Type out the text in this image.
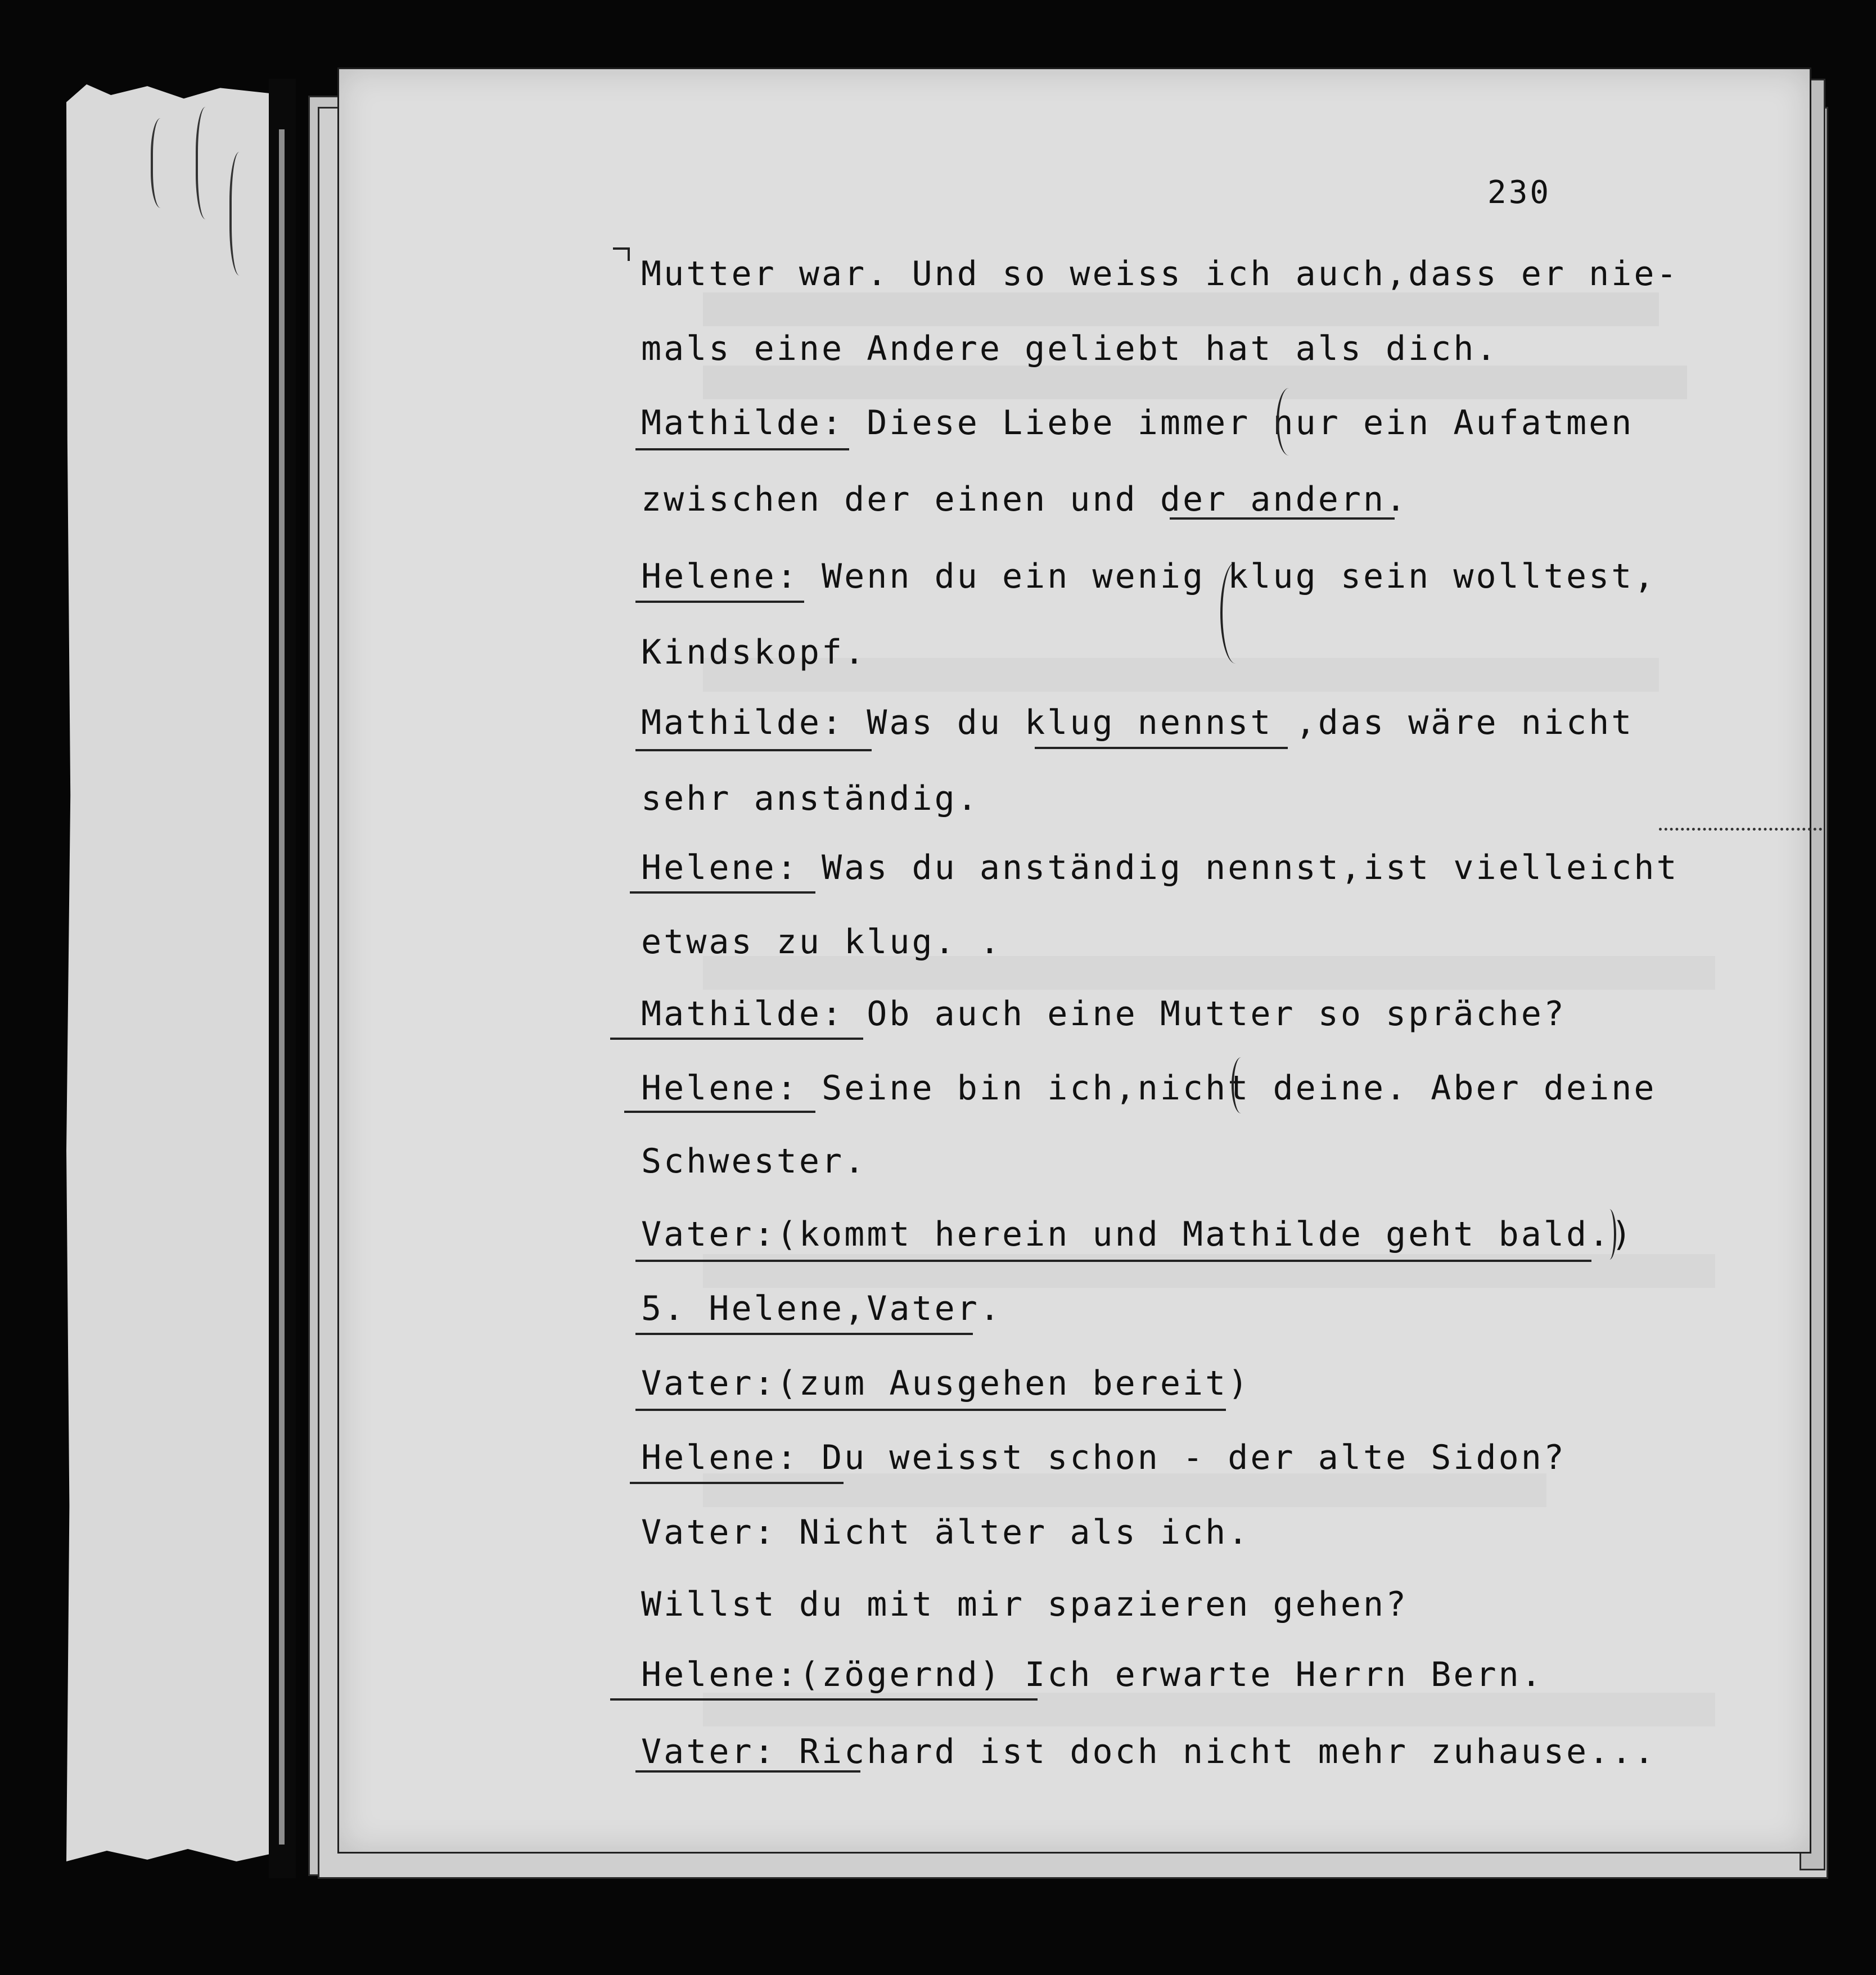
230
Mutter war. Und so weiss ich auch,dass er nie-
mals eine Andere geliebt hat als dich.
Mathilde: Diese Liebe immer nur ein Aufatmen
zwischen der einen und der andern.
Helene: Wenn du ein wenig klug sein wolltest,
Kindskopf.
Mathilde: Was du klug nennst ,das wäre nicht
sehr anständig.
Helene: Was du anständig nennst,ist vielleicht
etwas zu klug. .
Mathilde: Ob auch eine Mutter so spräche?
Helene: Seine bin ich,nicht deine. Aber deine
Schwester.
Vater:(kommt herein und Mathilde geht bald.)
5. Helene,Vater.
Vater:(zum Ausgehen bereit)
Helene: Du weisst schon - der alte Sidon?
Vater: Nicht älter als ich.
Willst du mit mir spazieren gehen?
Helene:(zögernd) Ich erwarte Herrn Bern.
Vater: Richard ist doch nicht mehr zuhause...
